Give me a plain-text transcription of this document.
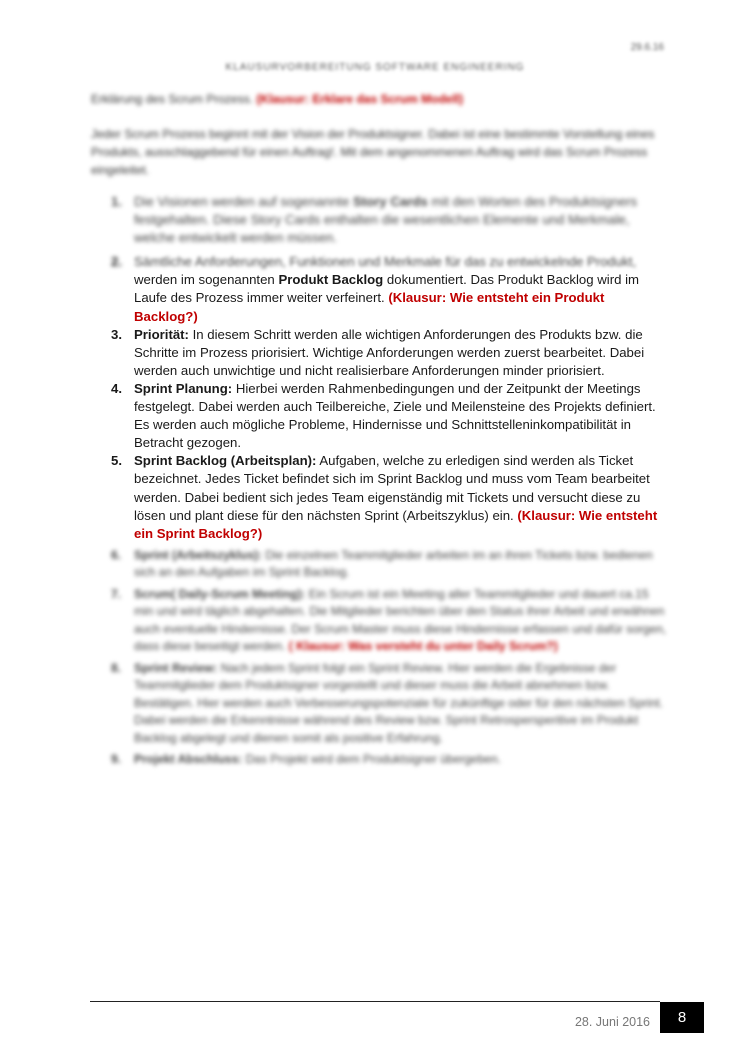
29.6.16
KLAUSURVORBEREITUNG SOFTWARE ENGINEERING
Erklärung des Scrum Prozess. (Klausur: Erklare das Scrum Modell)
Jeder Scrum Prozess beginnt mit der Vision der Produktsigner. Dabei ist eine bestimmte Vorstellung eines Produkts, ausschlaggebend für einen Auftrag!. Mit dem angenommenen Auftrag wird das Scrum Prozess eingeleitet.
1. Die Visionen werden auf sogenannte Story Cards mit den Worten des Produktsigners festgehalten. Diese Story Cards enthalten die wesentlichen Elemente und Merkmale, welche entwickelt werden müssen.
2. Sämtliche Anforderungen, Funktionen und Merkmale für das zu entwickelnde Produkt,
werden im sogenannten Produkt Backlog dokumentiert. Das Produkt Backlog wird im Laufe des Prozess immer weiter verfeinert. (Klausur: Wie entsteht ein Produkt Backlog?)
3. Priorität: In diesem Schritt werden alle wichtigen Anforderungen des Produkts bzw. die Schritte im Prozess priorisiert. Wichtige Anforderungen werden zuerst bearbeitet. Dabei werden auch unwichtige und nicht realisierbare Anforderungen minder priorisiert.
4. Sprint Planung: Hierbei werden Rahmenbedingungen und der Zeitpunkt der Meetings festgelegt. Dabei werden auch Teilbereiche, Ziele und Meilensteine des Projekts definiert. Es werden auch mögliche Probleme, Hindernisse und Schnittstelleninkompatibilität in Betracht gezogen.
5. Sprint Backlog (Arbeitsplan): Aufgaben, welche zu erledigen sind werden als Ticket bezeichnet. Jedes Ticket befindet sich im Sprint Backlog und muss vom Team bearbeitet werden. Dabei bedient sich jedes Team eigenständig mit Tickets und versucht diese zu lösen und plant diese für den nächsten Sprint (Arbeitszyklus) ein. (Klausur: Wie entsteht ein Sprint Backlog?)
6. Sprint (Arbeitszyklus): Die einzelnen Teammitglieder arbeiten im an ihren Tickets bzw. bedienen sich an den Aufgaben im Sprint Backlog.
7. Scrum( Daily-Scrum Meeting): Ein Scrum ist ein Meeting aller Teammitglieder und dauert ca.15 min und wird täglich abgehalten. Die Mitglieder berichten über den Status ihrer Arbeit und erwähnen auch eventuelle Hindernisse. Der Scrum Master muss diese Hindernisse erfassen und dafür sorgen, dass diese beseitigt werden. ( Klausur: Was versteht du unter Daily Scrum?)
8. Sprint Review: Nach jedem Sprint folgt ein Sprint Review. Hier werden die Ergebnisse der Teammitglieder dem Produktsigner vorgestellt und dieser muss die Arbeit abnehmen bzw. Bestätigen. Hier werden auch Verbesserungspotenziale für zukünftige oder für den nächsten Sprint. Dabei werden die Erkenntnisse während des Review bzw. Sprint Retrospersperitive im Produkt Backlog abgelegt und dienen somit als positive Erfahrung.
9. Projekt Abschluss: Das Projekt wird dem Produktsigner übergeben.
28. Juni 2016	8
